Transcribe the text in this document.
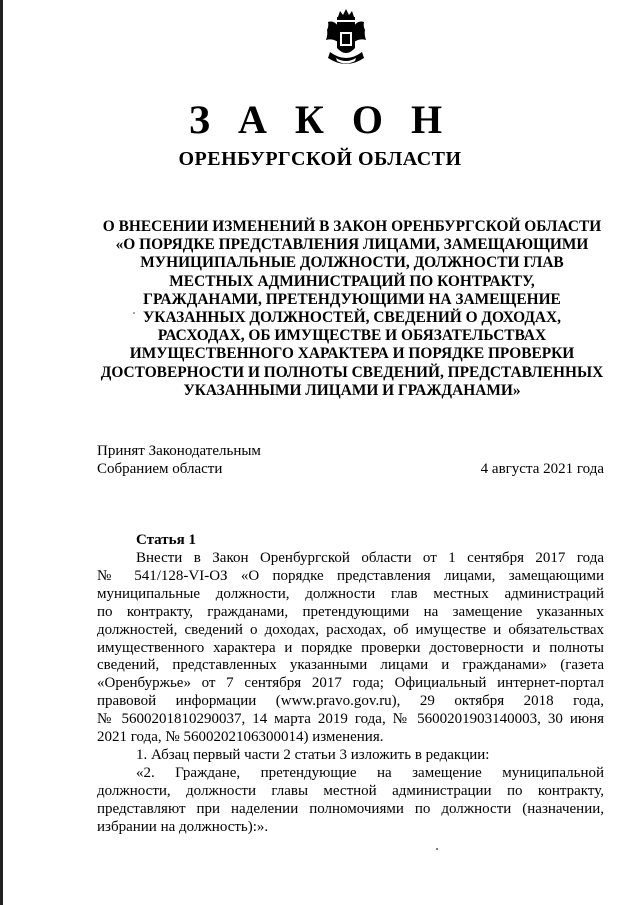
З А К О Н
ОРЕНБУРГСКОЙ ОБЛАСТИ
О ВНЕСЕНИИ ИЗМЕНЕНИЙ В ЗАКОН ОРЕНБУРГСКОЙ ОБЛАСТИ
«О ПОРЯДКЕ ПРЕДСТАВЛЕНИЯ ЛИЦАМИ, ЗАМЕЩАЮЩИМИ
МУНИЦИПАЛЬНЫЕ ДОЛЖНОСТИ, ДОЛЖНОСТИ ГЛАВ
МЕСТНЫХ АДМИНИСТРАЦИЙ ПО КОНТРАКТУ,
ГРАЖДАНАМИ, ПРЕТЕНДУЮЩИМИ НА ЗАМЕЩЕНИЕ
УКАЗАННЫХ ДОЛЖНОСТЕЙ, СВЕДЕНИЙ О ДОХОДАХ,
РАСХОДАХ, ОБ ИМУЩЕСТВЕ И ОБЯЗАТЕЛЬСТВАХ
ИМУЩЕСТВЕННОГО ХАРАКТЕРА И ПОРЯДКЕ ПРОВЕРКИ
ДОСТОВЕРНОСТИ И ПОЛНОТЫ СВЕДЕНИЙ, ПРЕДСТАВЛЕННЫХ
УКАЗАННЫМИ ЛИЦАМИ И ГРАЖДАНАМИ»
Принят Законодательным
Собранием области	4 августа 2021 года
Статья 1
Внести в Закон Оренбургской области от 1 сентября 2017 года
№ 541/128-VI-ОЗ «О порядке представления лицами, замещающими
муниципальные должности, должности глав местных администраций
по контракту, гражданами, претендующими на замещение указанных
должностей, сведений о доходах, расходах, об имуществе и обязательствах
имущественного характера и порядке проверки достоверности и полноты
сведений, представленных указанными лицами и гражданами» (газета
«Оренбуржье» от 7 сентября 2017 года; Официальный интернет-портал
правовой информации (www.pravo.gov.ru), 29 октября 2018 года,
№ 5600201810290037, 14 марта 2019 года, № 5600201903140003, 30 июня
2021 года, № 5600202106300014) изменения.
1. Абзац первый части 2 статьи 3 изложить в редакции:
«2. Граждане, претендующие на замещение муниципальной
должности, должности главы местной администрации по контракту,
представляют при наделении полномочиями по должности (назначении,
избрании на должность):».
